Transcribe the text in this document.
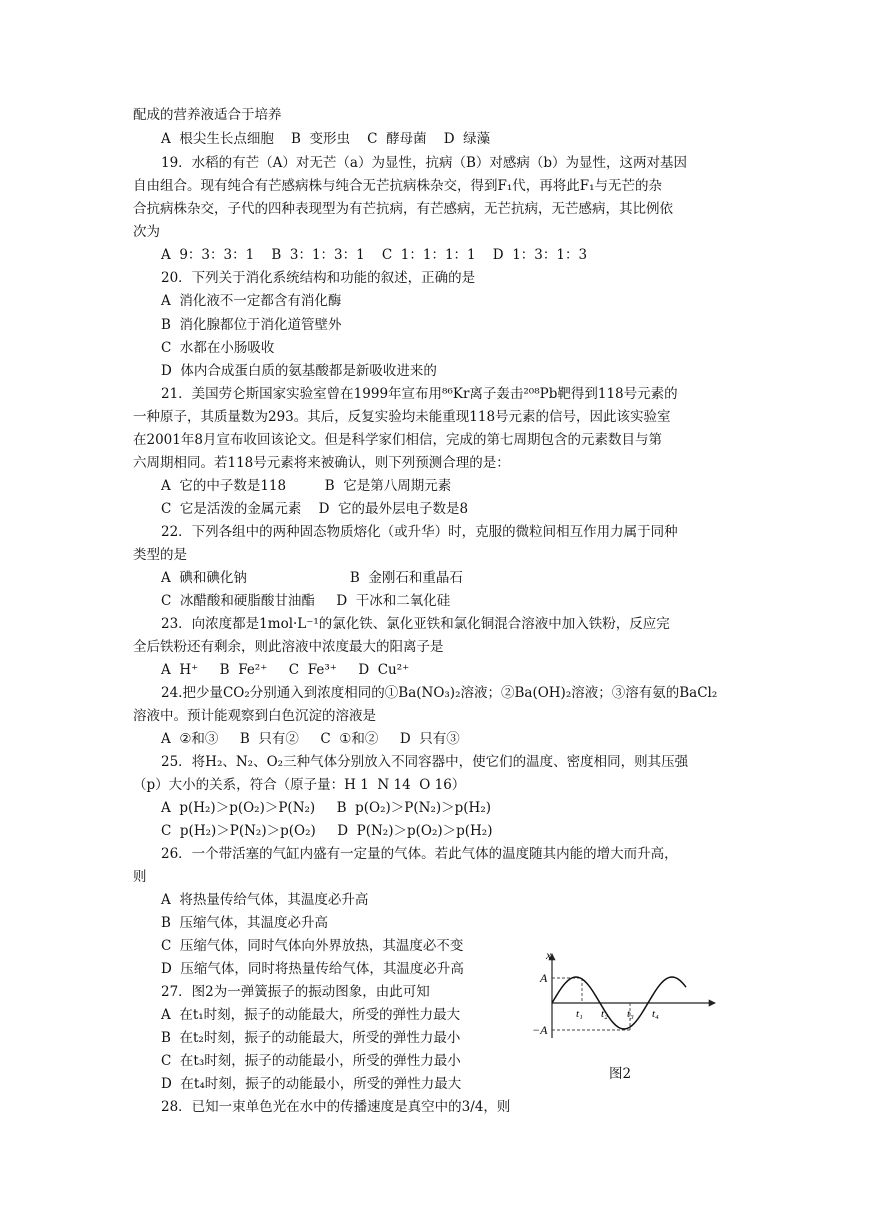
配成的营养液适合于培养
A  根尖生长点细胞    B  变形虫    C  酵母菌    D  绿藻
19．水稻的有芒（A）对无芒（a）为显性，抗病（B）对感病（b）为显性，这两对基因
自由组合。现有纯合有芒感病株与纯合无芒抗病株杂交，得到F₁代，再将此F₁与无芒的杂
合抗病株杂交，子代的四种表现型为有芒抗病，有芒感病，无芒抗病，无芒感病，其比例依
次为
A  9：3：3：1    B  3：1：3：1    C  1：1：1：1    D  1：3：1：3
20．下列关于消化系统结构和功能的叙述，正确的是
A  消化液不一定都含有消化酶
B  消化腺都位于消化道管壁外
C  水都在小肠吸收
D  体内合成蛋白质的氨基酸都是新吸收进来的
21．美国劳仑斯国家实验室曾在1999年宣布用⁸⁶Kr离子轰击²⁰⁸Pb靶得到118号元素的
一种原子，其质量数为293。其后，反复实验均未能重现118号元素的信号，因此该实验室
在2001年8月宣布收回该论文。但是科学家们相信，完成的第七周期包含的元素数目与第
六周期相同。若118号元素将来被确认，则下列预测合理的是：
A  它的中子数是118         B  它是第八周期元素
C  它是活泼的金属元素    D  它的最外层电子数是8
22．下列各组中的两种固态物质熔化（或升华）时，克服的微粒间相互作用力属于同种
类型的是
A  碘和碘化钠                        B  金刚石和重晶石
C  冰醋酸和硬脂酸甘油酯     D  干冰和二氧化硅
23．向浓度都是1mol·L⁻¹的氯化铁、氯化亚铁和氯化铜混合溶液中加入铁粉，反应完
全后铁粉还有剩余，则此溶液中浓度最大的阳离子是
A  H⁺     B  Fe²⁺     C  Fe³⁺     D  Cu²⁺
24.把少量CO₂分别通入到浓度相同的①Ba(NO₃)₂溶液；②Ba(OH)₂溶液；③溶有氨的BaCl₂
溶液中。预计能观察到白色沉淀的溶液是
A  ②和③     B  只有②     C  ①和②     D  只有③
25．将H₂、N₂、O₂三种气体分别放入不同容器中，使它们的温度、密度相同，则其压强
（p）大小的关系，符合（原子量：H 1  N 14  O 16）
A  p(H₂)＞p(O₂)＞P(N₂)     B  p(O₂)＞P(N₂)＞p(H₂)
C  p(H₂)＞P(N₂)＞p(O₂)     D  P(N₂)＞p(O₂)＞p(H₂)
26．一个带活塞的气缸内盛有一定量的气体。若此气体的温度随其内能的增大而升高，
则
A  将热量传给气体，其温度必升高
B  压缩气体，其温度必升高
C  压缩气体，同时气体向外界放热，其温度必不变
D  压缩气体，同时将热量传给气体，其温度必升高
27．图2为一弹簧振子的振动图象，由此可知
A  在t₁时刻，振子的动能最大，所受的弹性力最大
B  在t₂时刻，振子的动能最大，所受的弹性力最小
C  在t₃时刻，振子的动能最小，所受的弹性力最小
D  在t₄时刻，振子的动能最小，所受的弹性力最大
28．已知一束单色光在水中的传播速度是真空中的3/4，则
x
A
−A
t₁ t₂ t₃ t₄
图2
